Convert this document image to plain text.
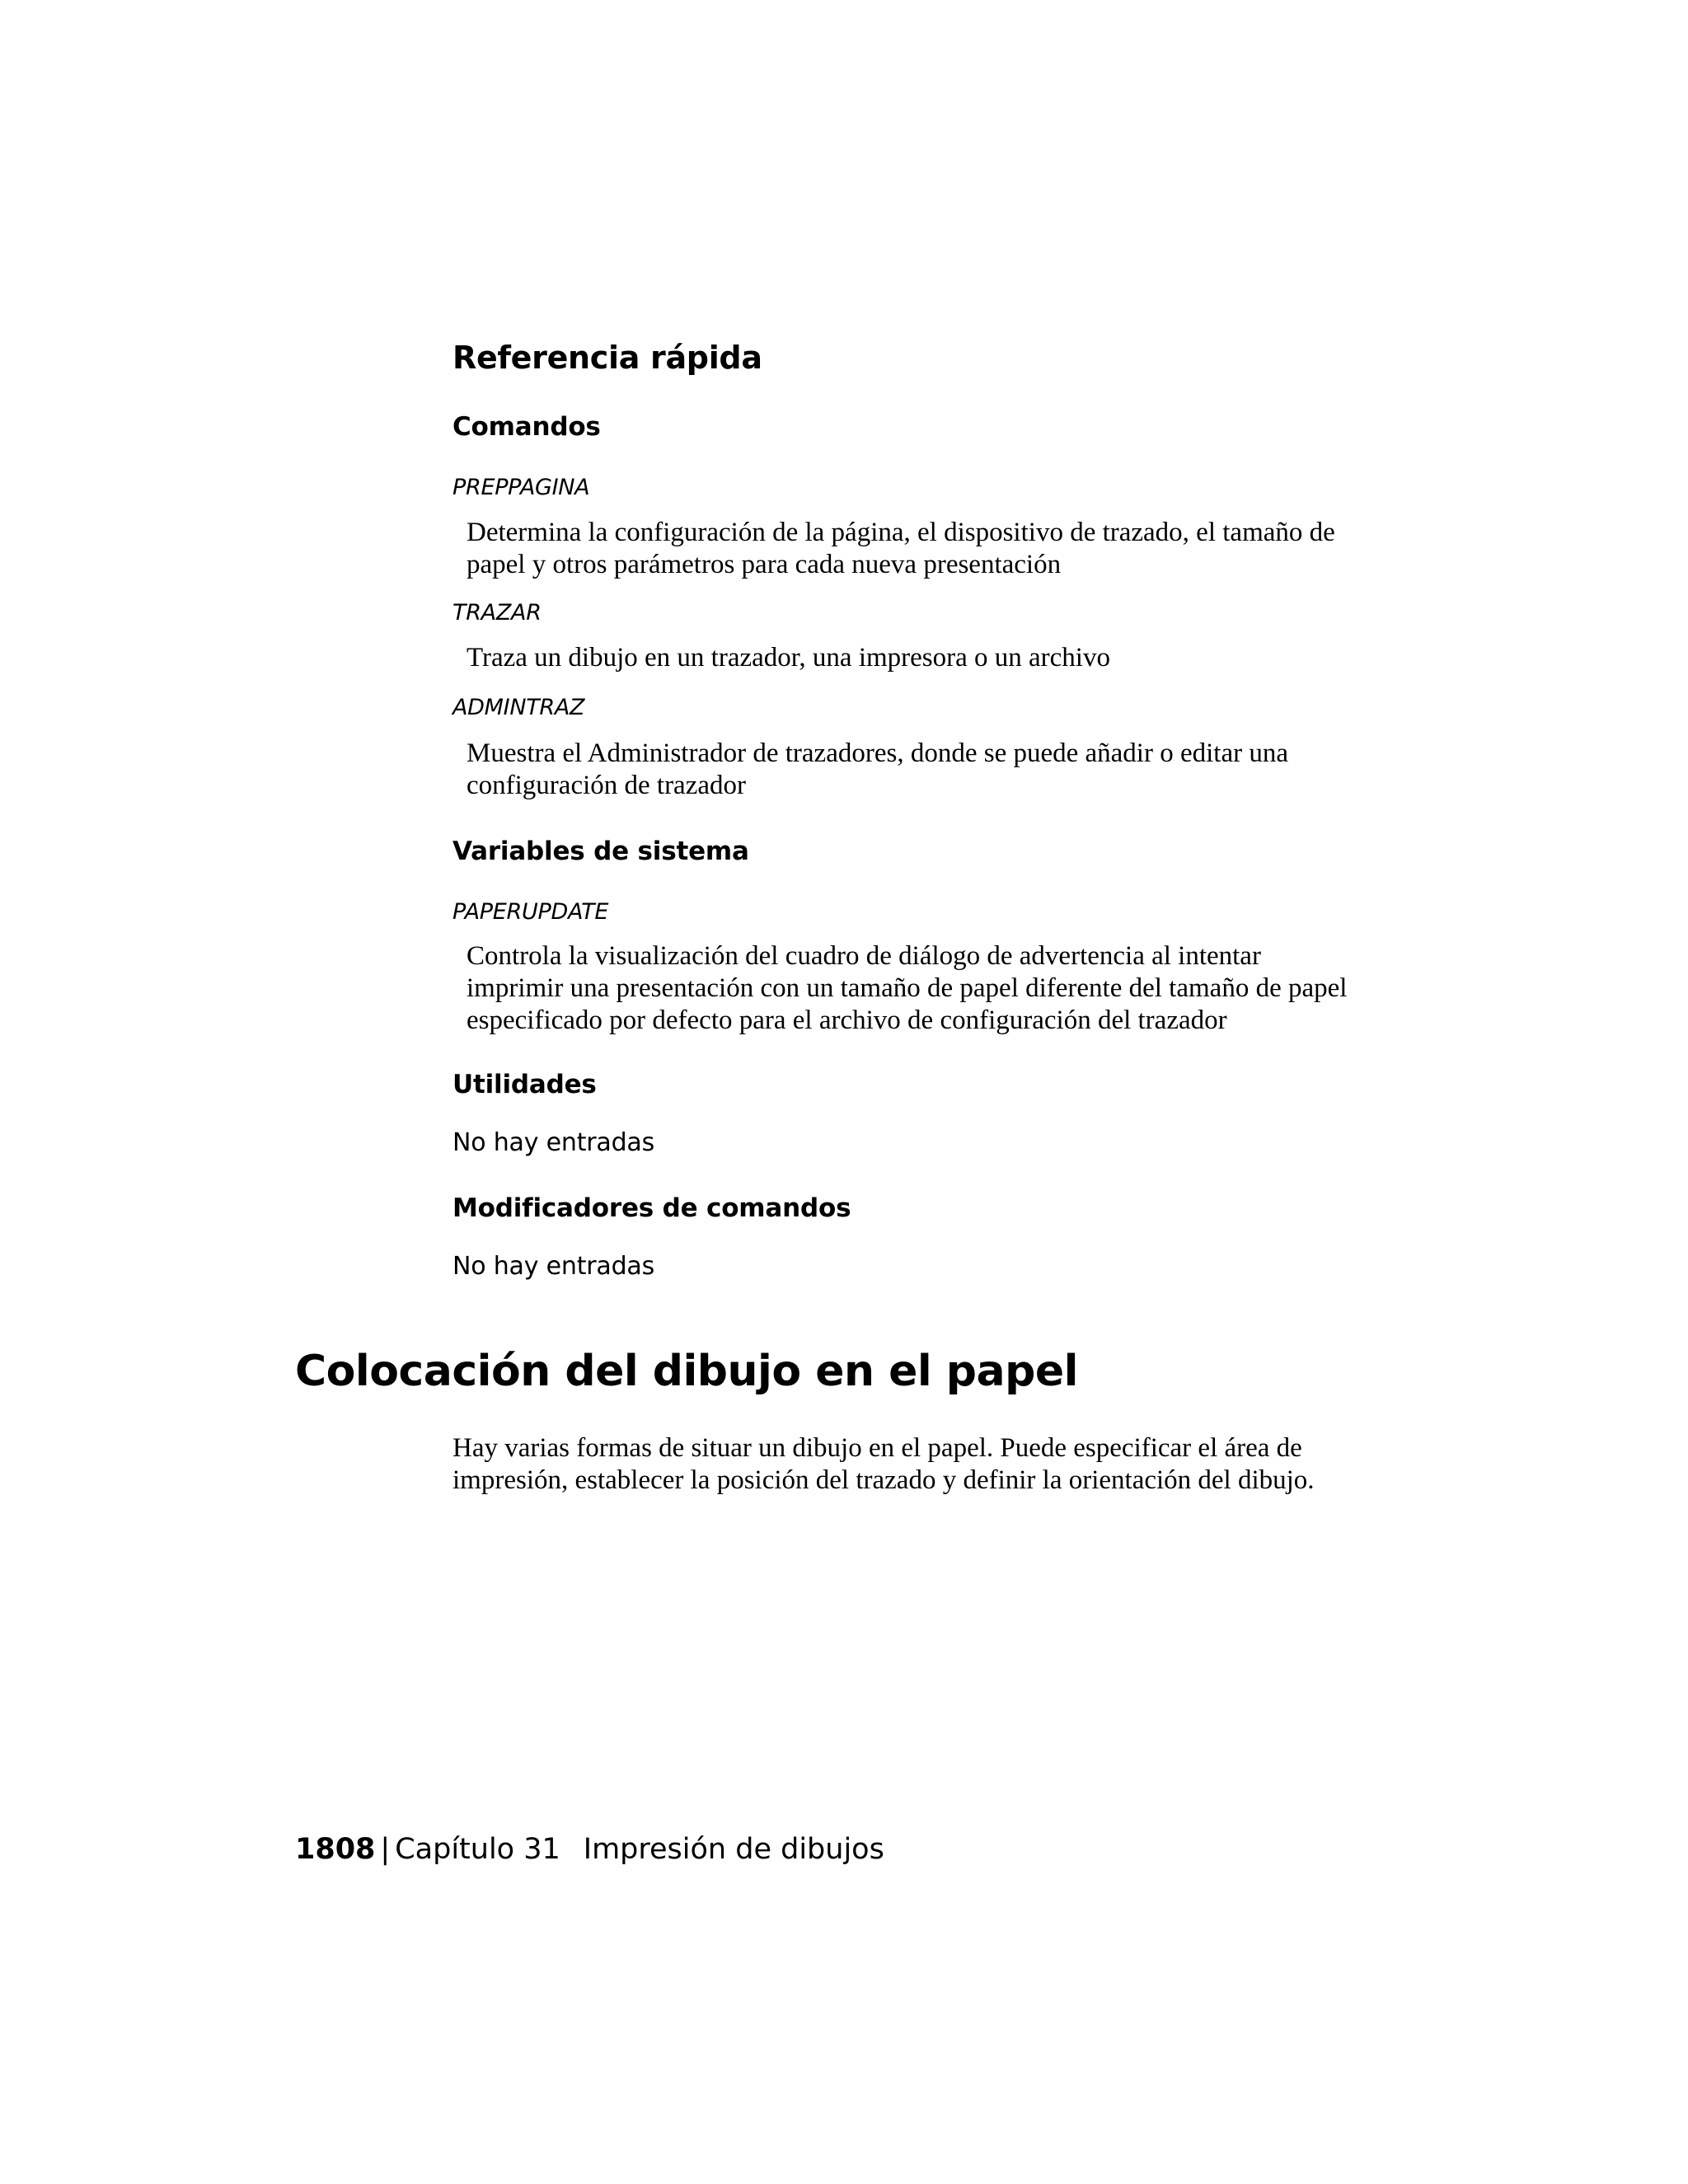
Referencia rápida
Comandos
PREPPAGINA

Determina la configuración de la página, el dispositivo de trazado, el tamaño de papel y otros parámetros para cada nueva presentación

TRAZAR

Traza un dibujo en un trazador, una impresora o un archivo

ADMINTRAZ

Muestra el Administrador de trazadores, donde se puede añadir o editar una configuración de trazador

Variables de sistema
PAPERUPDATE

Controla la visualización del cuadro de diálogo de advertencia al intentar imprimir una presentación con un tamaño de papel diferente del tamaño de papel especificado por defecto para el archivo de configuración del trazador

Utilidades
No hay entradas
Modificadores de comandos
No hay entradas
Colocación del dibujo en el papel

Hay varias formas de situar un dibujo en el papel. Puede especificar el área de impresión, establecer la posición del trazado y definir la orientación del dibujo.

1808 | Capítulo 31 Impresión de dibujos
